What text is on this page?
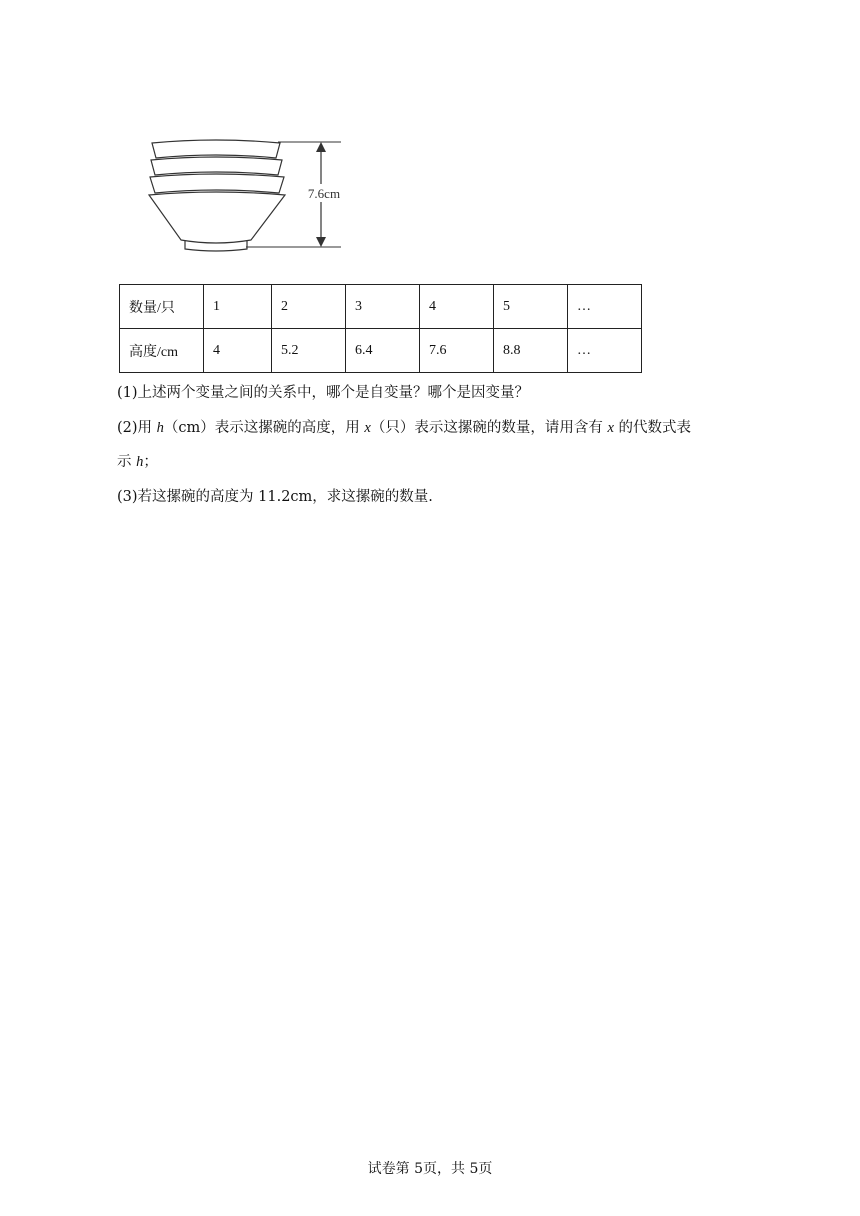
7.6cm
数量/只	1	2	3	4	5	…
高度/cm	4	5.2	6.4	7.6	8.8	…
(1)上述两个变量之间的关系中，哪个是自变量？哪个是因变量？
(2)用 h（cm）表示这摞碗的高度，用 x（只）表示这摞碗的数量，请用含有 x 的代数式表
示 h；
(3)若这摞碗的高度为 11.2cm，求这摞碗的数量.
试卷第 5页，共 5页
